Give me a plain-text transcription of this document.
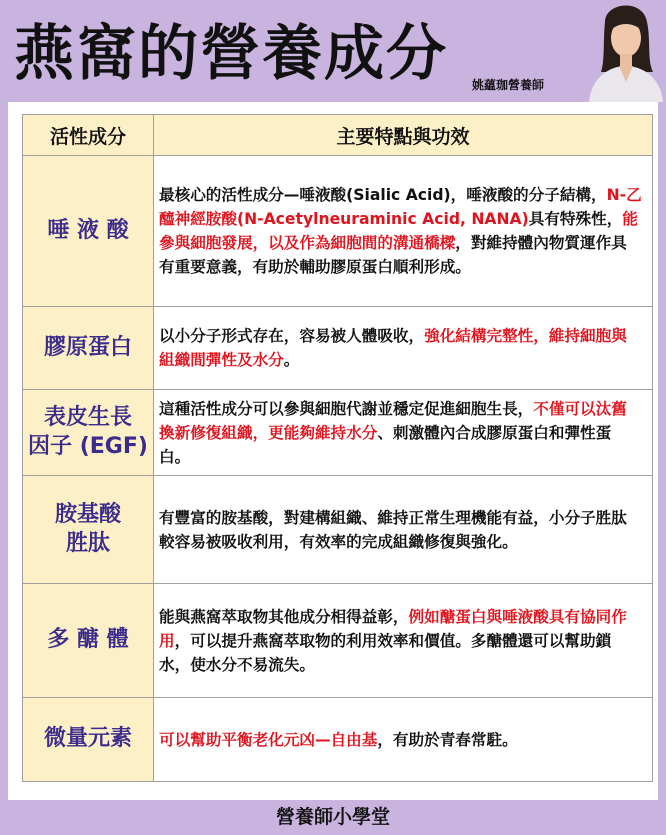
燕窩的營養成分 姚蘊珈營養師
活性成分	主要特點與功效
唾 液 酸	最核心的活性成分—唾液酸(Sialic Acid)，唾液酸的分子結構，N-乙醯神經胺酸(N-Acetylneuraminic Acid, NANA)具有特殊性，能參與細胞發展，以及作為細胞間的溝通橋樑，對維持體內物質運作具有重要意義，有助於輔助膠原蛋白順利形成。
膠原蛋白	以小分子形式存在，容易被人體吸收，強化結構完整性，維持細胞與組織間彈性及水分。
表皮生長
因子 (EGF)	這種活性成分可以參與細胞代謝並穩定促進細胞生長，不僅可以汰舊換新修復組織，更能夠維持水分、刺激體內合成膠原蛋白和彈性蛋白。
胺基酸
胜肽	有豐富的胺基酸，對建構組織、維持正常生理機能有益，小分子胜肽較容易被吸收利用，有效率的完成組織修復與強化。
多 醣 體	能與燕窩萃取物其他成分相得益彰，例如醣蛋白與唾液酸具有協同作用，可以提升燕窩萃取物的利用效率和價值。多醣體還可以幫助鎖水，使水分不易流失。
微量元素	可以幫助平衡老化元凶—自由基，有助於青春常駐。
營養師小學堂
